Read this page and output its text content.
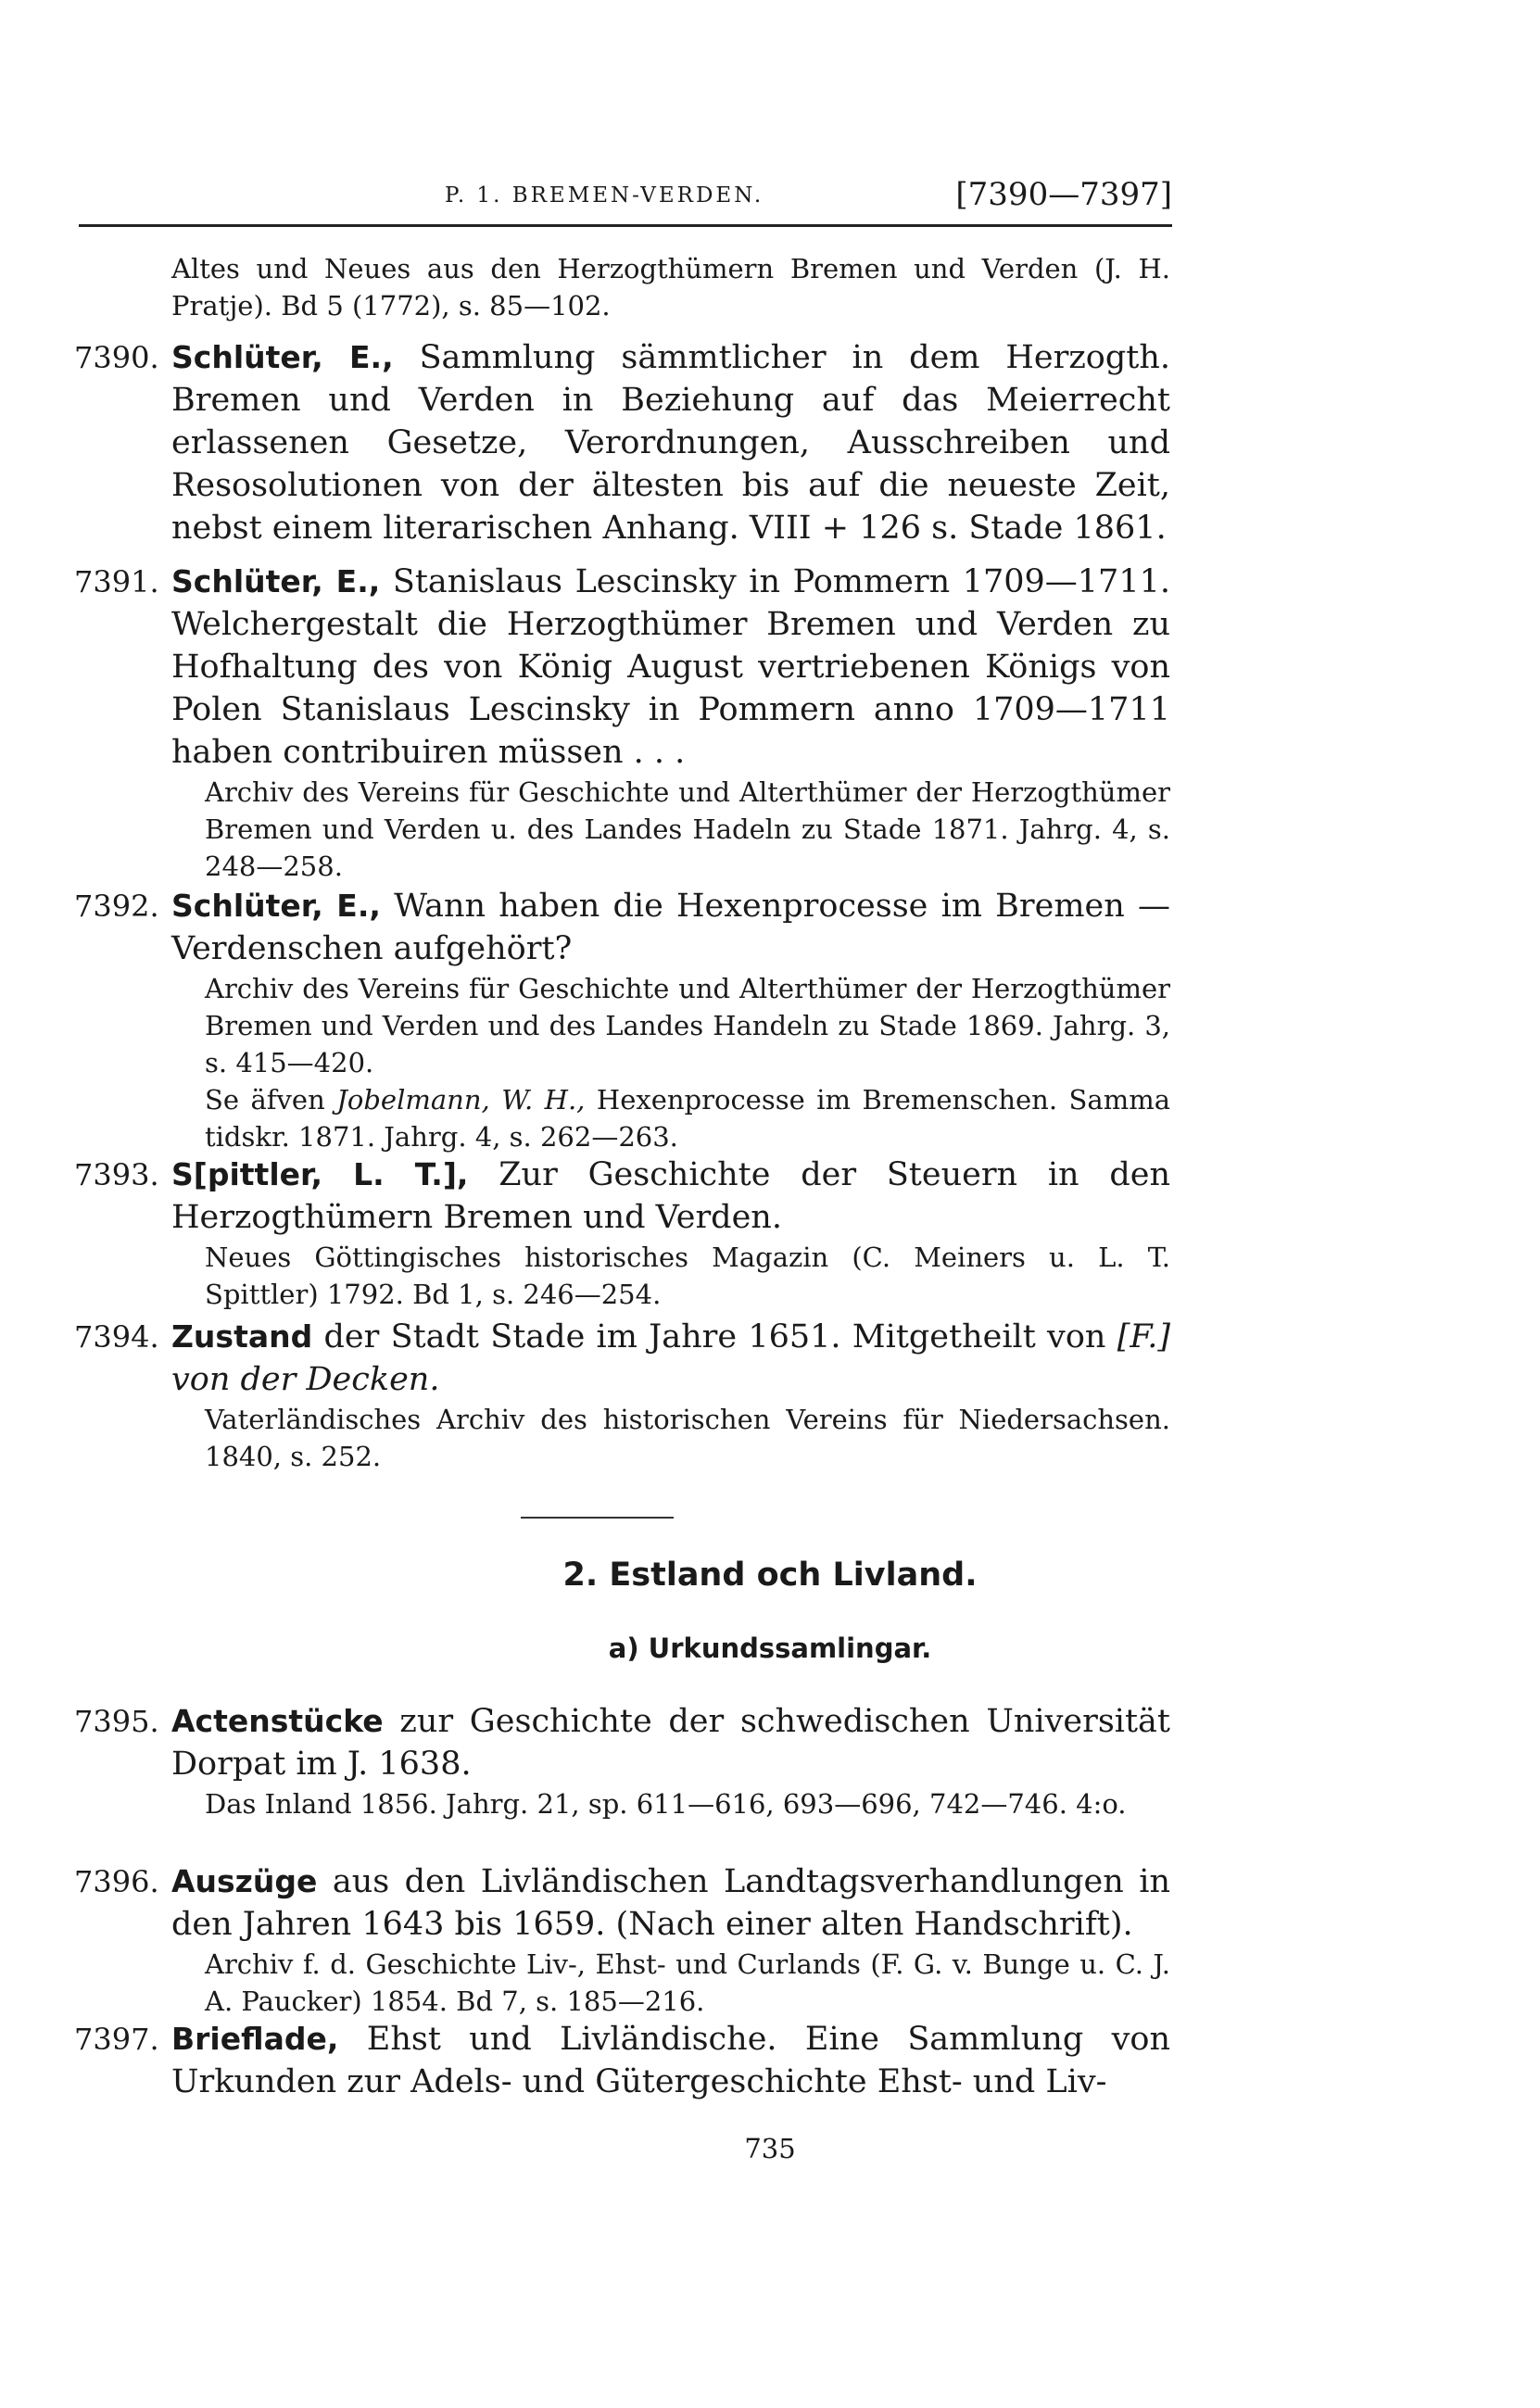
P. 1. BREMEN-VERDEN.	[7390—7397]
Altes und Neues aus den Herzogthümern Bremen und Verden (J. H. Pratje). Bd 5 (1772), s. 85—102.
7390. Schlüter, E., Sammlung sämmtlicher in dem Herzogth. Bremen und Verden in Beziehung auf das Meierrecht erlassenen Gesetze, Verordnungen, Ausschreiben und Resosolutionen von der ältesten bis auf die neueste Zeit, nebst einem literarischen Anhang. VIII + 126 s. Stade 1861.
7391. Schlüter, E., Stanislaus Lescinsky in Pommern 1709—1711. Welchergestalt die Herzogthümer Bremen und Verden zu Hofhaltung des von König August vertriebenen Königs von Polen Stanislaus Lescinsky in Pommern anno 1709—1711 haben contribuiren müssen . . .
Archiv des Vereins für Geschichte und Alterthümer der Herzogthümer Bremen und Verden u. des Landes Hadeln zu Stade 1871. Jahrg. 4, s. 248—258.
7392. Schlüter, E., Wann haben die Hexenprocesse im Bremen —Verdenschen aufgehört?
Archiv des Vereins für Geschichte und Alterthümer der Herzogthümer Bremen und Verden und des Landes Handeln zu Stade 1869. Jahrg. 3, s. 415—420.
Se äfven Jobelmann, W. H., Hexenprocesse im Bremenschen. Samma tidskr. 1871. Jahrg. 4, s. 262—263.
7393. S[pittler, L. T.], Zur Geschichte der Steuern in den Herzogthümern Bremen und Verden.
Neues Göttingisches historisches Magazin (C. Meiners u. L. T. Spittler) 1792. Bd 1, s. 246—254.
7394. Zustand der Stadt Stade im Jahre 1651. Mitgetheilt von [F.] von der Decken.
Vaterländisches Archiv des historischen Vereins für Niedersachsen. 1840, s. 252.
2. Estland och Livland.
a) Urkundssamlingar.
7395. Actenstücke zur Geschichte der schwedischen Universität Dorpat im J. 1638.
Das Inland 1856. Jahrg. 21, sp. 611—616, 693—696, 742—746. 4:o.
7396. Auszüge aus den Livländischen Landtagsverhandlungen in den Jahren 1643 bis 1659. (Nach einer alten Handschrift).
Archiv f. d. Geschichte Liv-, Ehst- und Curlands (F. G. v. Bunge u. C. J. A. Paucker) 1854. Bd 7, s. 185—216.
7397. Brieflade, Ehst und Livländische. Eine Sammlung von Urkunden zur Adels- und Gütergeschichte Ehst- und Liv-
735
